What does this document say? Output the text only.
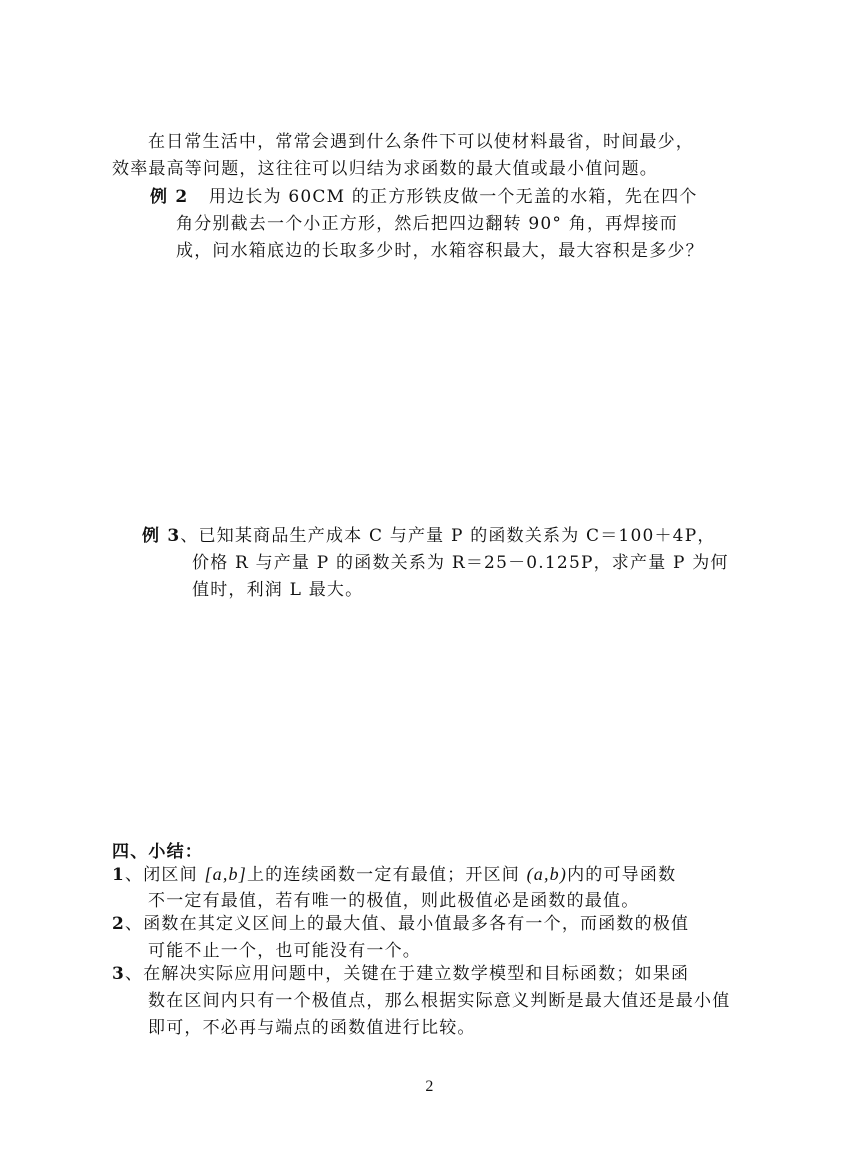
在日常生活中，常常会遇到什么条件下可以使材料最省，时间最少，
效率最高等问题，这往往可以归结为求函数的最大值或最小值问题。
例 2 用边长为 60CM 的正方形铁皮做一个无盖的水箱，先在四个
角分别截去一个小正方形，然后把四边翻转 90° 角，再焊接而
成，问水箱底边的长取多少时，水箱容积最大，最大容积是多少？
例 3、已知某商品生产成本 C 与产量 P 的函数关系为 C＝100＋4P，
价格 R 与产量 P 的函数关系为 R＝25－0.125P，求产量 P 为何
值时，利润 L 最大。
四、小结：
1、闭区间 [a,b]上的连续函数一定有最值；开区间 (a,b)内的可导函数
不一定有最值，若有唯一的极值，则此极值必是函数的最值。
2、函数在其定义区间上的最大值、最小值最多各有一个，而函数的极值
可能不止一个，也可能没有一个。
3、在解决实际应用问题中，关键在于建立数学模型和目标函数；如果函
数在区间内只有一个极值点，那么根据实际意义判断是最大值还是最小值
即可，不必再与端点的函数值进行比较。
2
